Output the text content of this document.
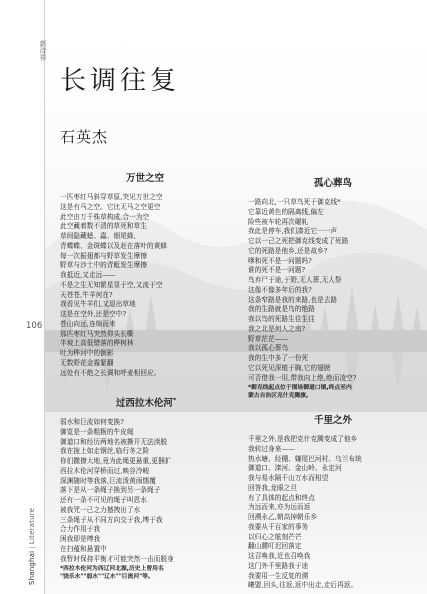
新诗界
106
Shanghai|Literature
长调往复
石英杰
万世之空
一匹枣红马斜穿草原,突见万世之空
这是有马之空。它比无马之空更空
此空由万千株草构成,合一为空
此空藏着数不清的草死和草生
草间隐藏蟋、蟲、细尾蜂,
青蝶蝶、金斑蝶以及赶在落叶的黄蜂
每一次振翅都与野草发生摩擦
野草与沙土中的青蚯发生摩擦
我抵近,又走远——
不是之生无知繁星显于空,又流于空
天苍苍,牛羊何在?
我看见牛羊们,又退出草地
这是在空外,还是空中?
苍山向远,连绵而来
那匹枣红马突然仰头长嘶
半坡上高低错落的桦树林
吐为桦河中的倒影
无数野花金霧緊翻
远处有不绝之长调和呼麦相回应。
过西拉木伦河*
弱水和巨流如何变换?
御览是一条粗粝的牛皮绳
御道口和经历两地名被撕开无法渎脱
我在拢上如走钢丝,临行冬之险
你们撒撩大地,竟为此绳更悬重,更捆扩
西拉木伦河穿桥而过,映谷冷峻
深渊随时等我落,巨流泼黄雨懦覆
落下是从一条绳子换到另一条绳子
还有一条不可见的绳子叫恩水
被我咒一己之力撼拽出了水
三条绳子从不同方向交于我,缚于我
合力作用于我
困我即是缚我
在扫蕴和悬置中
我暂时保持平衡才可能突然一击而脱身
*西拉木伦河为西辽河北源,历史上曾用名
"饶乐水""弱水""辽水""巨流河"等。
孤心葬鸟
一路向北,一只草鸟死于御克线*
它靠近黄色的隔离线,偏左
险些被车轮再次碾轧
我此是停车,我们凑近它一一声
它以一己之死把御克线变成了死路
它的死路是他乡,还是故乡?
嗲和死不是一问题吗?
谁的死不是一问题?
鸟弃尸于途,于野,无人葬,无人祭
这像不像多年后的我?
这条窄路是我的来路,也是去路
我的生路就是鸟的绝路
我以鸟的死路生往生往
我之北是何人之南?
野草茫茫——
我以孤心葬鸟
我的生中多了一份死
它以死见深植于胸,它的翅膀
可否借我一用,带我向上绝,绝而凌空?
*御克线起点位于围场御道口镇,终点至内
蒙古自治区克什克腾旗。
千里之外
千里之外,是我把克什克腾变成了他乡
我转过身来——
热水塘、经棚、嫌尾巴河村、乌兰布统
御道口、滦河、金山岭、永定河
我与易水隔千山万水而相望
回答我,龙眼之旦
有了具体的起点和终点
为远而来,亦为远而返
回溯永乙,朝高掉朝乐乡
我要从千百家的事务
以归心之舷刻芒芒
翻山腰叮迟回落定
这召唤我,近也召唤我
这门外千里路我于途
我要用一生反复的溯
曦盟,回头,往返,返中出走,走后再返。
